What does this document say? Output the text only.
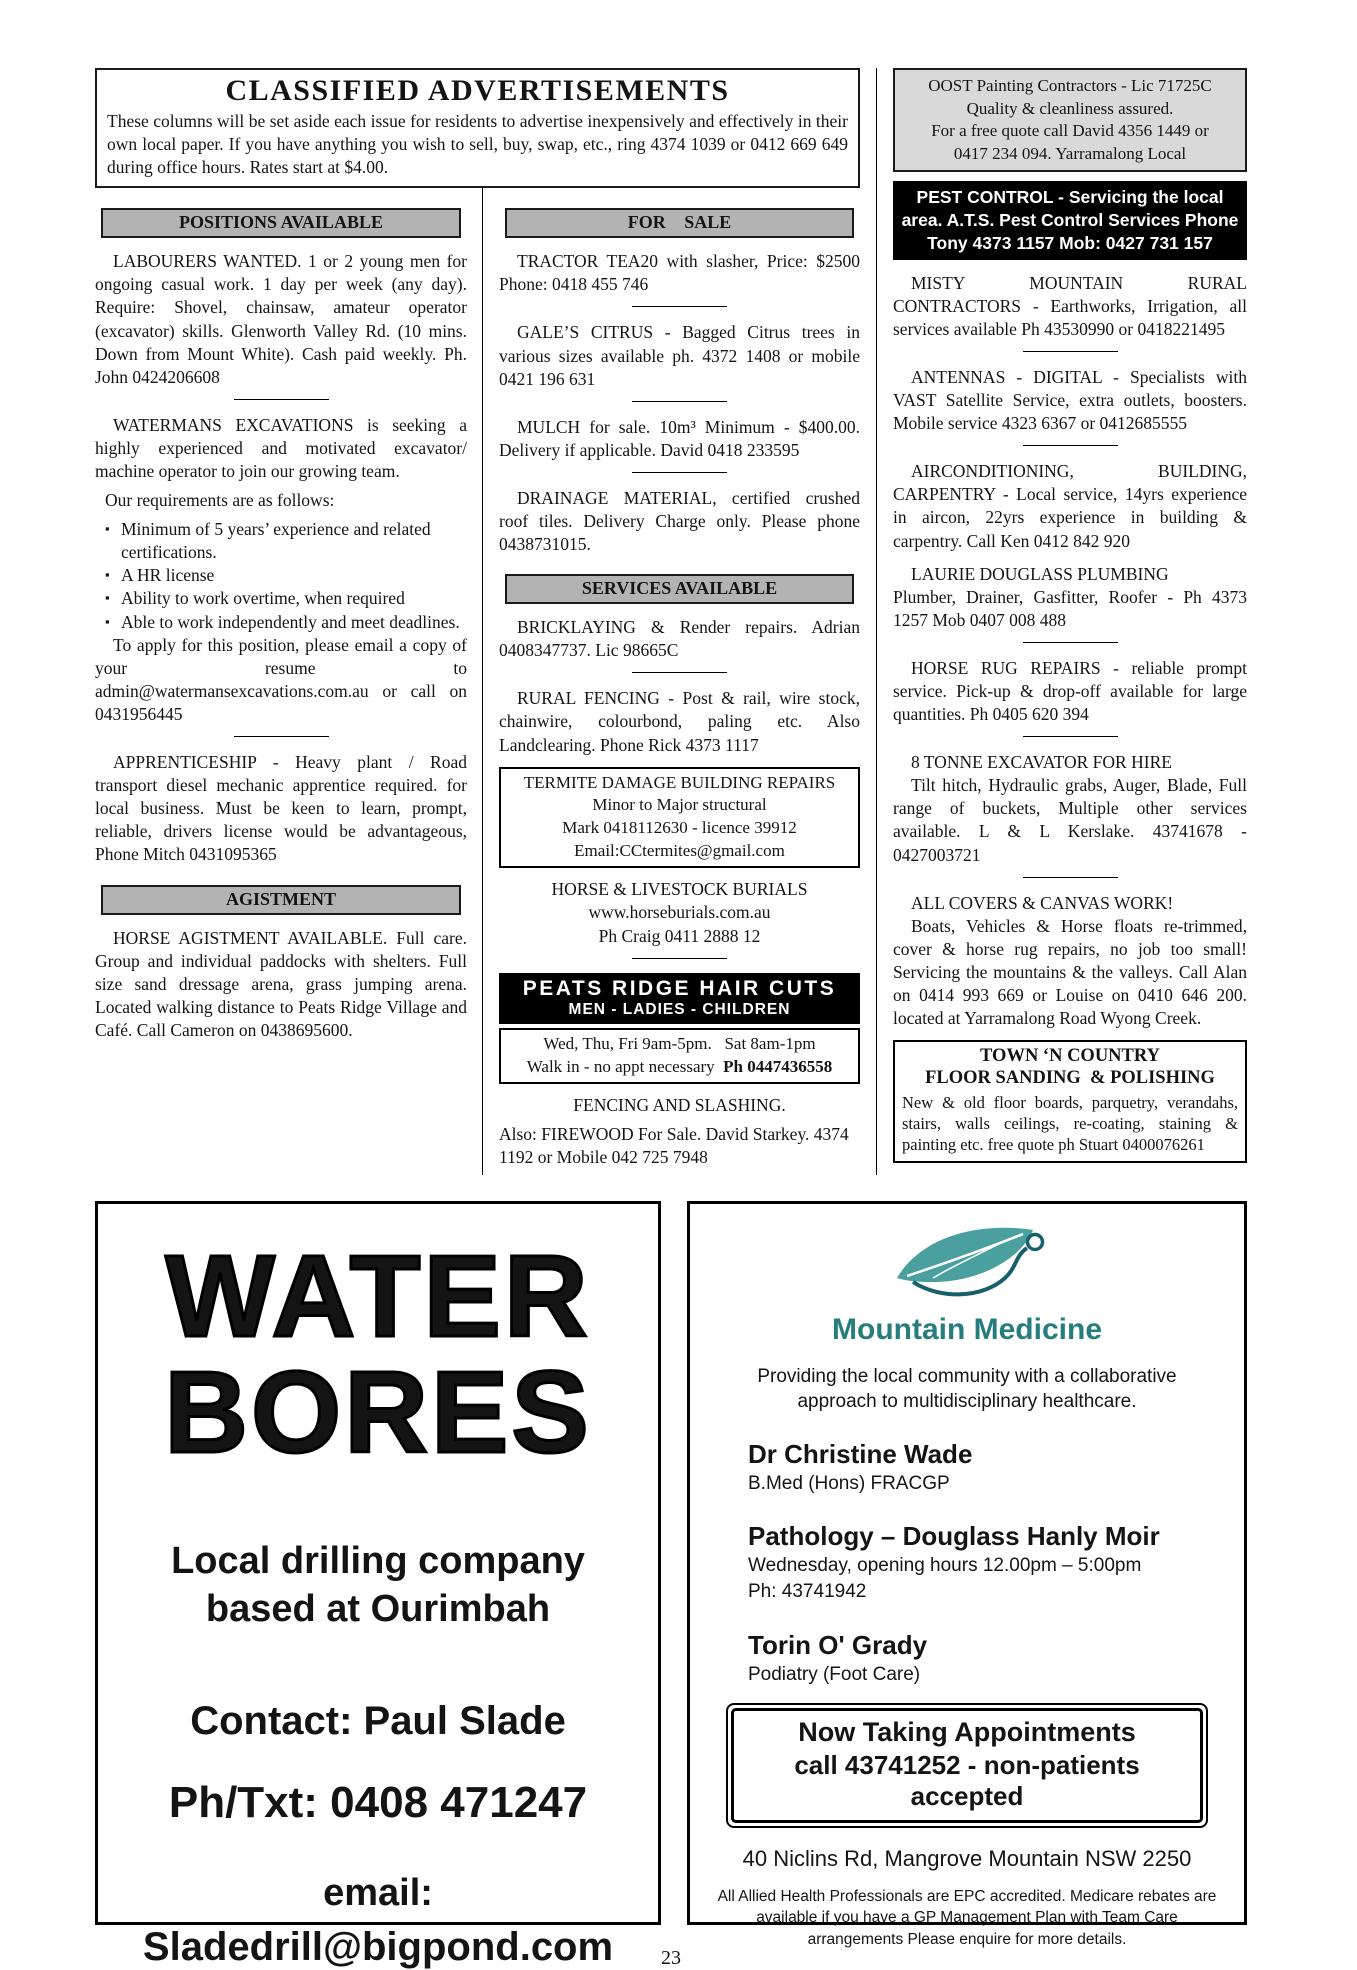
CLASSIFIED ADVERTISEMENTS

These columns will be set aside each issue for residents to advertise inexpensively and effectively in their own local paper. If you have anything you wish to sell, buy, swap, etc., ring 4374 1039 or 0412 669 649 during office hours. Rates start at $4.00.

POSITIONS AVAILABLE

LABOURERS WANTED. 1 or 2 young men for ongoing casual work. 1 day per week (any day). Require: Shovel, chainsaw, amateur operator (excavator) skills. Glenworth Valley Rd. (10 mins. Down from Mount White). Cash paid weekly. Ph. John 0424206608

WATERMANS EXCAVATIONS is seeking a highly experienced and motivated excavator/ machine operator to join our growing team.

Our requirements are as follows:

▪ Minimum of 5 years’ experience and related certifications.

▪ A HR license

▪ Ability to work overtime, when required

▪ Able to work independently and meet deadlines.

To apply for this position, please email a copy of your resume to admin@watermansexcavations.com.au or call on 0431956445

APPRENTICESHIP - Heavy plant / Road transport diesel mechanic apprentice required. for local business. Must be keen to learn, prompt, reliable, drivers license would be advantageous, Phone Mitch 0431095365

AGISTMENT

HORSE AGISTMENT AVAILABLE. Full care. Group and individual paddocks with shelters. Full size sand dressage arena, grass jumping arena. Located walking distance to Peats Ridge Village and Café. Call Cameron on 0438695600.

FOR SALE

TRACTOR TEA20 with slasher, Price: $2500 Phone: 0418 455 746

GALE’S CITRUS - Bagged Citrus trees in various sizes available ph. 4372 1408 or mobile 0421 196 631

MULCH for sale. 10m³ Minimum - $400.00. Delivery if applicable. David 0418 233595

DRAINAGE MATERIAL, certified crushed roof tiles. Delivery Charge only. Please phone 0438731015.

SERVICES AVAILABLE

BRICKLAYING & Render repairs. Adrian 0408347737. Lic 98665C

RURAL FENCING - Post & rail, wire stock, chainwire, colourbond, paling etc. Also Landclearing. Phone Rick 4373 1117

TERMITE DAMAGE BUILDING REPAIRS

Minor to Major structural

Mark 0418112630 - licence 39912

Email:CCtermites@gmail.com

HORSE & LIVESTOCK BURIALS

www.horseburials.com.au

Ph Craig 0411 2888 12

PEATS RIDGE HAIR CUTS

MEN - LADIES - CHILDREN

Wed, Thu, Fri 9am-5pm.   Sat 8am-1pm

Walk in - no appt necessary  Ph 0447436558

FENCING AND SLASHING.

Also: FIREWOOD For Sale. David Starkey. 4374 1192 or Mobile 042 725 7948

OOST Painting Contractors - Lic 71725C

Quality & cleanliness assured.

For a free quote call David 4356 1449 or

0417 234 094. Yarramalong Local

PEST CONTROL - Servicing the local

area. A.T.S. Pest Control Services Phone

Tony 4373 1157 Mob: 0427 731 157

MISTY MOUNTAIN RURAL CONTRACTORS - Earthworks, Irrigation, all services available Ph 43530990 or 0418221495

ANTENNAS - DIGITAL - Specialists with VAST Satellite Service, extra outlets, boosters. Mobile service 4323 6367 or 0412685555

AIRCONDITIONING, BUILDING, CARPENTRY - Local service, 14yrs experience in aircon, 22yrs experience in building & carpentry. Call Ken 0412 842 920

LAURIE DOUGLASS PLUMBING

Plumber, Drainer, Gasfitter, Roofer - Ph 4373 1257 Mob 0407 008 488

HORSE RUG REPAIRS - reliable prompt service. Pick-up & drop-off available for large quantities. Ph 0405 620 394

8 TONNE EXCAVATOR FOR HIRE

Tilt hitch, Hydraulic grabs, Auger, Blade, Full range of buckets, Multiple other services available. L & L Kerslake. 43741678 - 0427003721

ALL COVERS & CANVAS WORK!

Boats, Vehicles & Horse floats re-trimmed, cover & horse rug repairs, no job too small! Servicing the mountains & the valleys. Call Alan on 0414 993 669 or Louise on 0410 646 200. located at Yarramalong Road Wyong Creek.

TOWN ‘N COUNTRY

FLOOR SANDING  & POLISHING

New & old floor boards, parquetry, verandahs, stairs, walls ceilings, re-coating, staining & painting etc. free quote ph Stuart 0400076261

WATER
BORES
Local drilling company based at Ourimbah
Contact: Paul Slade
Ph/Txt: 0408 471247
email:
Sladedrill@bigpond.com

Mountain Medicine

Providing the local community with a collaborative approach to multidisciplinary healthcare.

Dr Christine Wade

B.Med (Hons) FRACGP

Pathology – Douglass Hanly Moir

Wednesday, opening hours 12.00pm – 5:00pm

Ph: 43741942

Torin O' Grady

Podiatry (Foot Care)

Now Taking Appointments

call 43741252 - non-patients accepted

40 Niclins Rd, Mangrove Mountain NSW 2250

All Allied Health Professionals are EPC accredited. Medicare rebates are available if you have a GP Management Plan with Team Care arrangements Please enquire for more details.

23
